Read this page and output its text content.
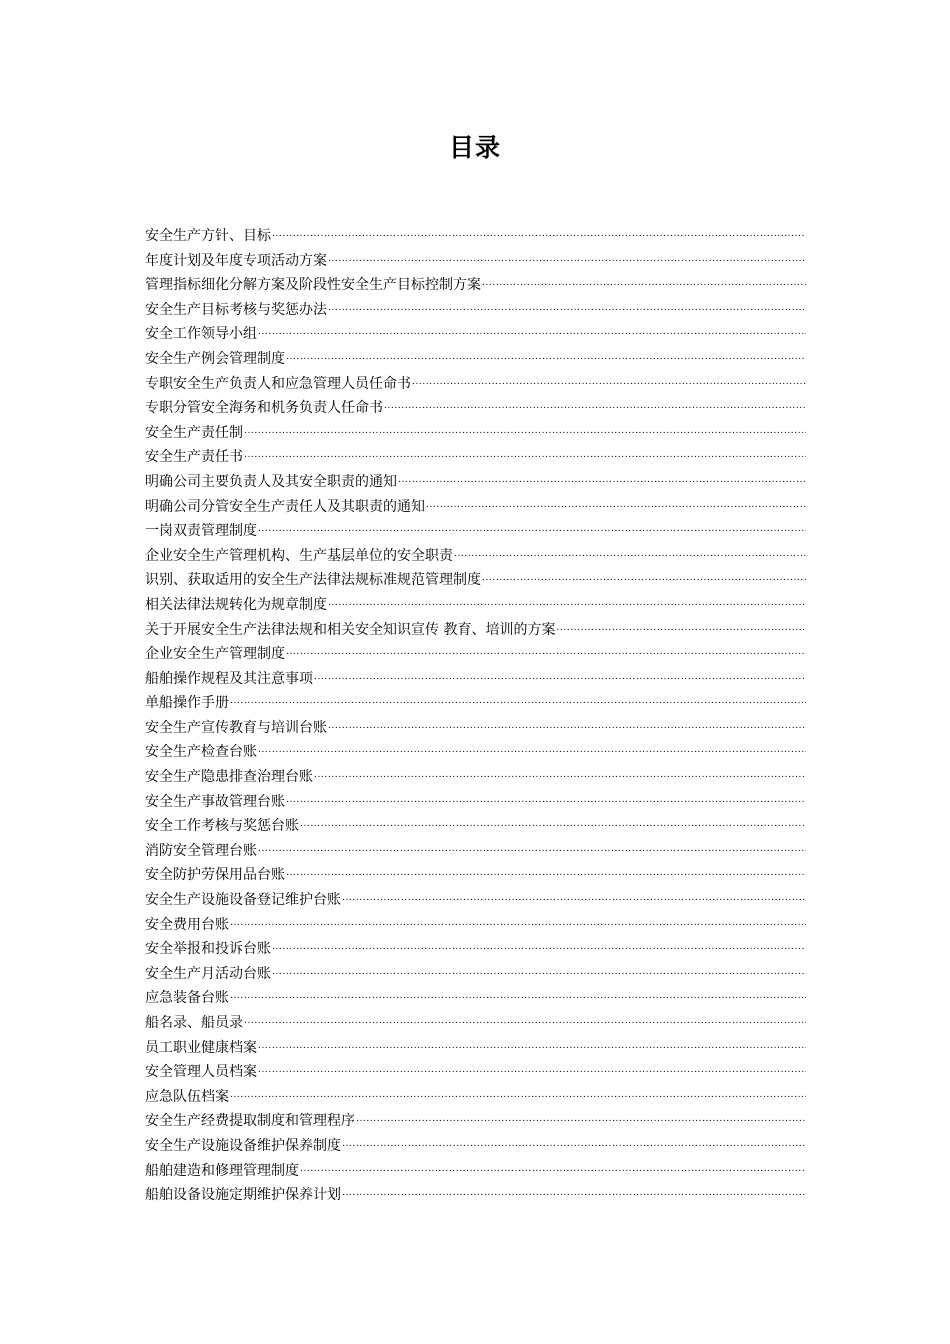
目录
安全生产方针、目标
.....
年度计划及年度专项活动方案
.....
管理指标细化分解方案及阶段性安全生产目标控制方案
.....
安全生产目标考核与奖惩办法
.....
安全工作领导小组
.....
安全生产例会管理制度
.....
专职安全生产负责人和应急管理人员任命书
.....
专职分管安全海务和机务负责人任命书
.....
安全生产责任制
.....
安全生产责任书
.....
明确公司主要负责人及其安全职责的通知
.....
明确公司分管安全生产责任人及其职责的通知
.....
一岗双责管理制度
.....
企业安全生产管理机构、生产基层单位的安全职责
.....
识别、获取适用的安全生产法律法规标准规范管理制度
.....
相关法律法规转化为规章制度
.....
关于开展安全生产法律法规和相关安全知识宣传 教育、培训的方案
.....
企业安全生产管理制度
.....
船舶操作规程及其注意事项
.....
单船操作手册
.....
安全生产宣传教育与培训台账
.....
安全生产检查台账
.....
安全生产隐患排查治理台账
.....
安全生产事故管理台账
.....
安全工作考核与奖惩台账
.....
消防安全管理台账
.....
安全防护劳保用品台账
.....
安全生产设施设备登记维护台账
.....
安全费用台账
.....
安全举报和投诉台账
.....
安全生产月活动台账
.....
应急装备台账
.....
船名录、船员录
.....
员工职业健康档案
.....
安全管理人员档案
.....
应急队伍档案
.....
安全生产经费提取制度和管理程序
.....
安全生产设施设备维护保养制度
.....
船舶建造和修理管理制度
.....
船舶设备设施定期维护保养计划
.....
